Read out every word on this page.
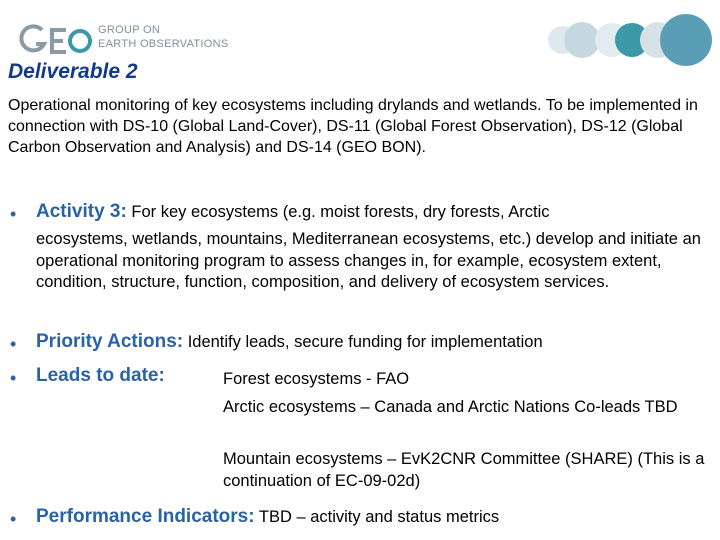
GROUP ON
EARTH OBSERVATIONS
Deliverable 2
Operational monitoring of key ecosystems including drylands and wetlands. To be implemented in connection with DS-10 (Global Land-Cover), DS-11 (Global Forest Observation), DS-12 (Global Carbon Observation and Analysis) and DS-14 (GEO BON).
• Activity 3: For key ecosystems (e.g. moist forests, dry forests, Arctic
ecosystems, wetlands, mountains, Mediterranean ecosystems, etc.) develop and initiate an operational monitoring program to assess changes in, for example, ecosystem extent, condition, structure, function, composition, and delivery of ecosystem services.
• Priority Actions: Identify leads, secure funding for implementation
• Leads to date:	Forest ecosystems - FAO
Arctic ecosystems – Canada and Arctic Nations Co-leads TBD
Mountain ecosystems – EvK2CNR Committee (SHARE) (This is a continuation of EC-09-02d)
• Performance Indicators: TBD – activity and status metrics
